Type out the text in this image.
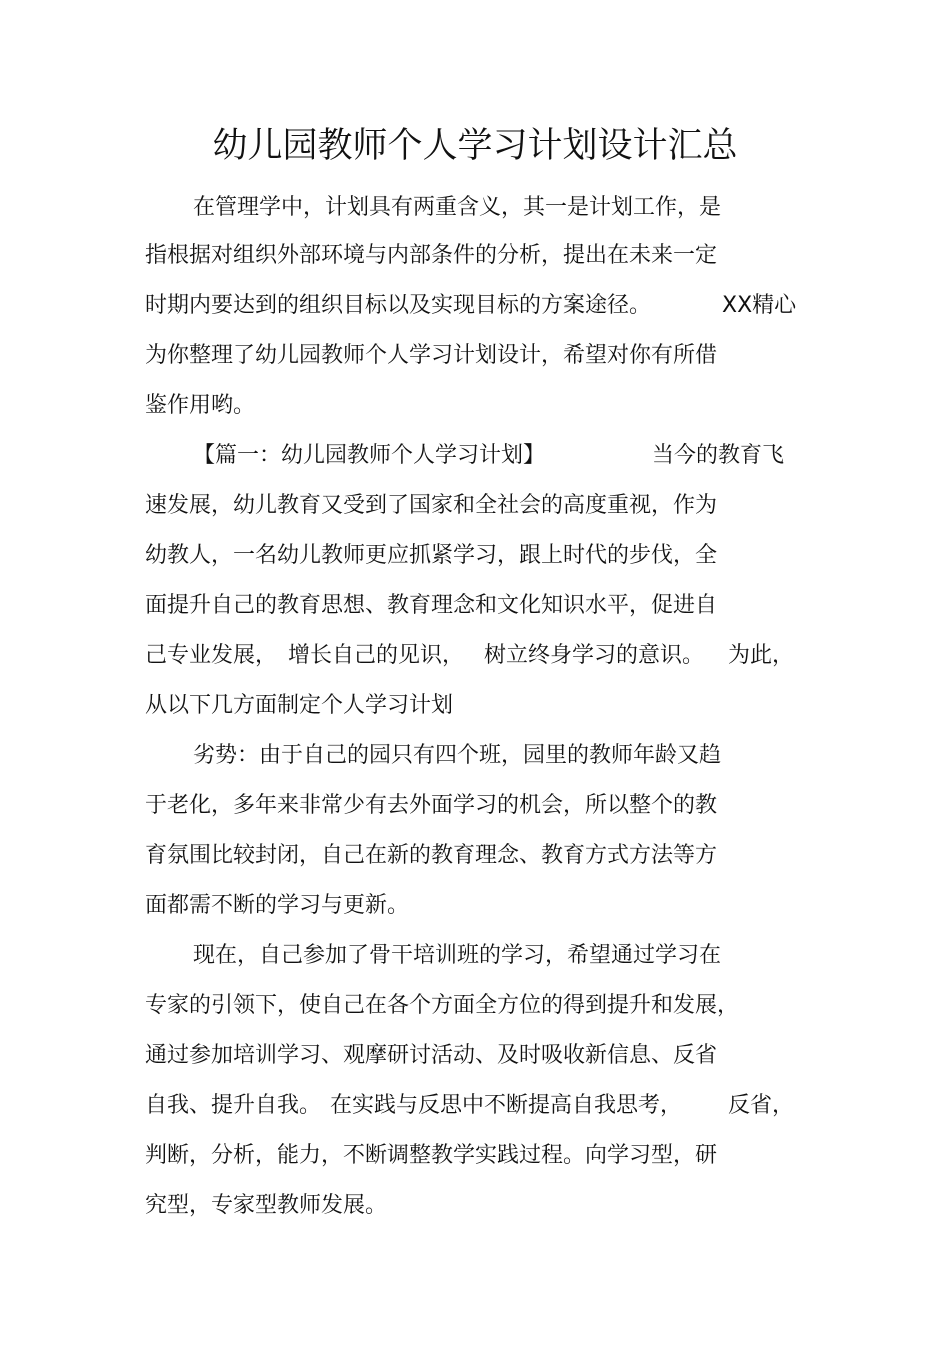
幼儿园教师个人学习计划设计汇总
在管理学中，计划具有两重含义，其一是计划工作，是
指根据对组织外部环境与内部条件的分析，提出在未来一定
时期内要达到的组织目标以及实现目标的方案途径。	XX精心
为你整理了幼儿园教师个人学习计划设计，希望对你有所借
鉴作用哟。
【篇一：幼儿园教师个人学习计划】	当今的教育飞
速发展，幼儿教育又受到了国家和全社会的高度重视，作为
幼教人，一名幼儿教师更应抓紧学习，跟上时代的步伐，全
面提升自己的教育思想、教育理念和文化知识水平，促进自
己专业发展， 增长自己的见识， 树立终身学习的意识。 为此，
从以下几方面制定个人学习计划
劣势：由于自己的园只有四个班，园里的教师年龄又趋
于老化，多年来非常少有去外面学习的机会，所以整个的教
育氛围比较封闭，自己在新的教育理念、教育方式方法等方
面都需不断的学习与更新。
现在，自己参加了骨干培训班的学习，希望通过学习在
专家的引领下，使自己在各个方面全方位的得到提升和发展，
通过参加培训学习、观摩研讨活动、及时吸收新信息、反省
自我、提升自我。 在实践与反思中不断提高自我思考， 反省，
判断，分析，能力，不断调整教学实践过程。向学习型，研
究型，专家型教师发展。
